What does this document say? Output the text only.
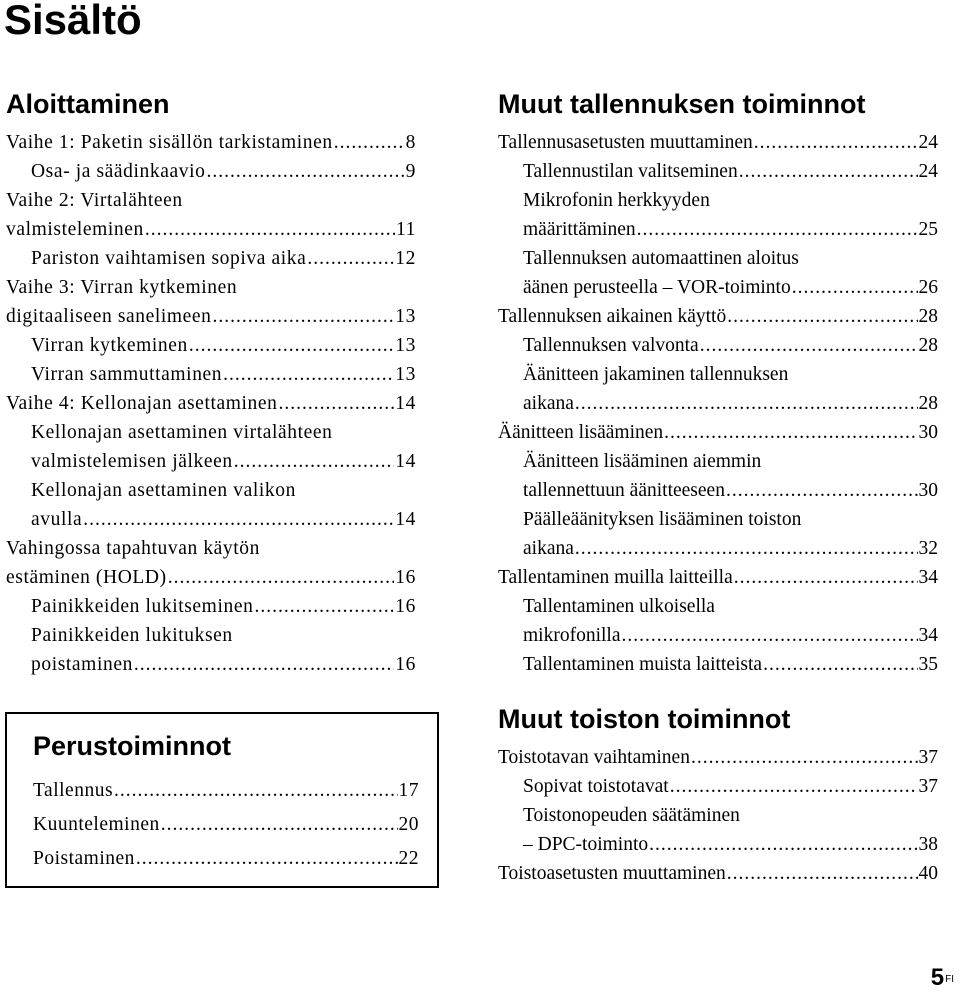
Sisältö
Aloittaminen
Vaihe 1: Paketin sisällön tarkistaminen .....	8
Osa- ja säädinkaavio .....	9
Vaihe 2: Virtalähteen
valmisteleminen .....	11
Pariston vaihtamisen sopiva aika .....	12
Vaihe 3: Virran kytkeminen
digitaaliseen sanelimeen .....	13
Virran kytkeminen .....	13
Virran sammuttaminen .....	13
Vaihe 4: Kellonajan asettaminen .....	14
Kellonajan asettaminen virtalähteen
valmistelemisen jälkeen .....	14
Kellonajan asettaminen valikon
avulla .....	14
Vahingossa tapahtuvan käytön
estäminen (HOLD) .....	16
Painikkeiden lukitseminen .....	16
Painikkeiden lukituksen
poistaminen .....	16
Perustoiminnot
Tallennus .....	17
Kuunteleminen .....	20
Poistaminen .....	22
Muut tallennuksen toiminnot
Tallennusasetusten muuttaminen .....	24
Tallennustilan valitseminen .....	24
Mikrofonin herkkyyden
määrittäminen .....	25
Tallennuksen automaattinen aloitus
äänen perusteella – VOR-toiminto .....	26
Tallennuksen aikainen käyttö .....	28
Tallennuksen valvonta .....	28
Äänitteen jakaminen tallennuksen
aikana .....	28
Äänitteen lisääminen .....	30
Äänitteen lisääminen aiemmin
tallennettuun äänitteeseen .....	30
Päälleäänityksen lisääminen toiston
aikana .....	32
Tallentaminen muilla laitteilla .....	34
Tallentaminen ulkoisella
mikrofonilla .....	34
Tallentaminen muista laitteista .....	35
Muut toiston toiminnot
Toistotavan vaihtaminen .....	37
Sopivat toistotavat .....	37
Toistonopeuden säätäminen
– DPC-toiminto .....	38
Toistoasetusten muuttaminen .....	40
$5^{FI}$
